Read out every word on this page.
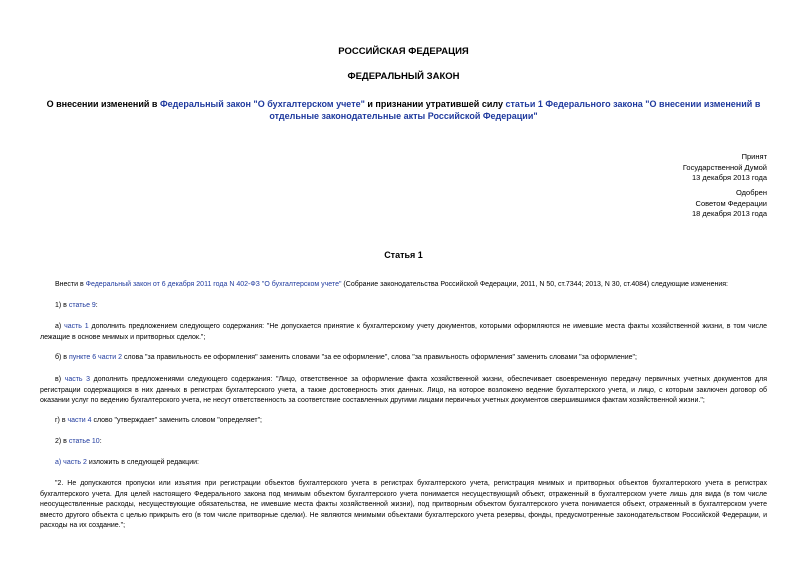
РОССИЙСКАЯ ФЕДЕРАЦИЯ
ФЕДЕРАЛЬНЫЙ ЗАКОН
О внесении изменений в Федеральный закон "О бухгалтерском учете" и признании утратившей силу статьи 1 Федерального закона "О внесении изменений в отдельные законодательные акты Российской Федерации"
Принят
Государственной Думой
13 декабря 2013 года
Одобрен
Советом Федерации
18 декабря 2013 года
Статья 1

Внести в Федеральный закон от 6 декабря 2011 года N 402-ФЗ "О бухгалтерском учете" (Собрание законодательства Российской Федерации, 2011, N 50, ст.7344; 2013, N 30, ст.4084) следующие изменения:

1) в статье 9:

а) часть 1 дополнить предложением следующего содержания: "Не допускается принятие к бухгалтерскому учету документов, которыми оформляются не имевшие места факты хозяйственной жизни, в том числе лежащие в основе мнимых и притворных сделок.";

б) в пункте 6 части 2 слова "за правильность ее оформления" заменить словами "за ее оформление", слова "за правильность оформления" заменить словами "за оформление";

в) часть 3 дополнить предложениями следующего содержания: "Лицо, ответственное за оформление факта хозяйственной жизни, обеспечивает своевременную передачу первичных учетных документов для регистрации содержащихся в них данных в регистрах бухгалтерского учета, а также достоверность этих данных. Лицо, на которое возложено ведение бухгалтерского учета, и лицо, с которым заключен договор об оказании услуг по ведению бухгалтерского учета, не несут ответственность за соответствие составленных другими лицами первичных учетных документов свершившимся фактам хозяйственной жизни.";

г) в части 4 слово "утверждает" заменить словом "определяет";

2) в статье 10:

а) часть 2 изложить в следующей редакции:

"2. Не допускаются пропуски или изъятия при регистрации объектов бухгалтерского учета в регистрах бухгалтерского учета, регистрация мнимых и притворных объектов бухгалтерского учета в регистрах бухгалтерского учета. Для целей настоящего Федерального закона под мнимым объектом бухгалтерского учета понимается несуществующий объект, отраженный в бухгалтерском учете лишь для вида (в том числе неосуществленные расходы, несуществующие обязательства, не имевшие места факты хозяйственной жизни), под притворным объектом бухгалтерского учета понимается объект, отраженный в бухгалтерском учете вместо другого объекта с целью прикрыть его (в том числе притворные сделки). Не являются мнимыми объектами бухгалтерского учета резервы, фонды, предусмотренные законодательством Российской Федерации, и расходы на их создание.";
